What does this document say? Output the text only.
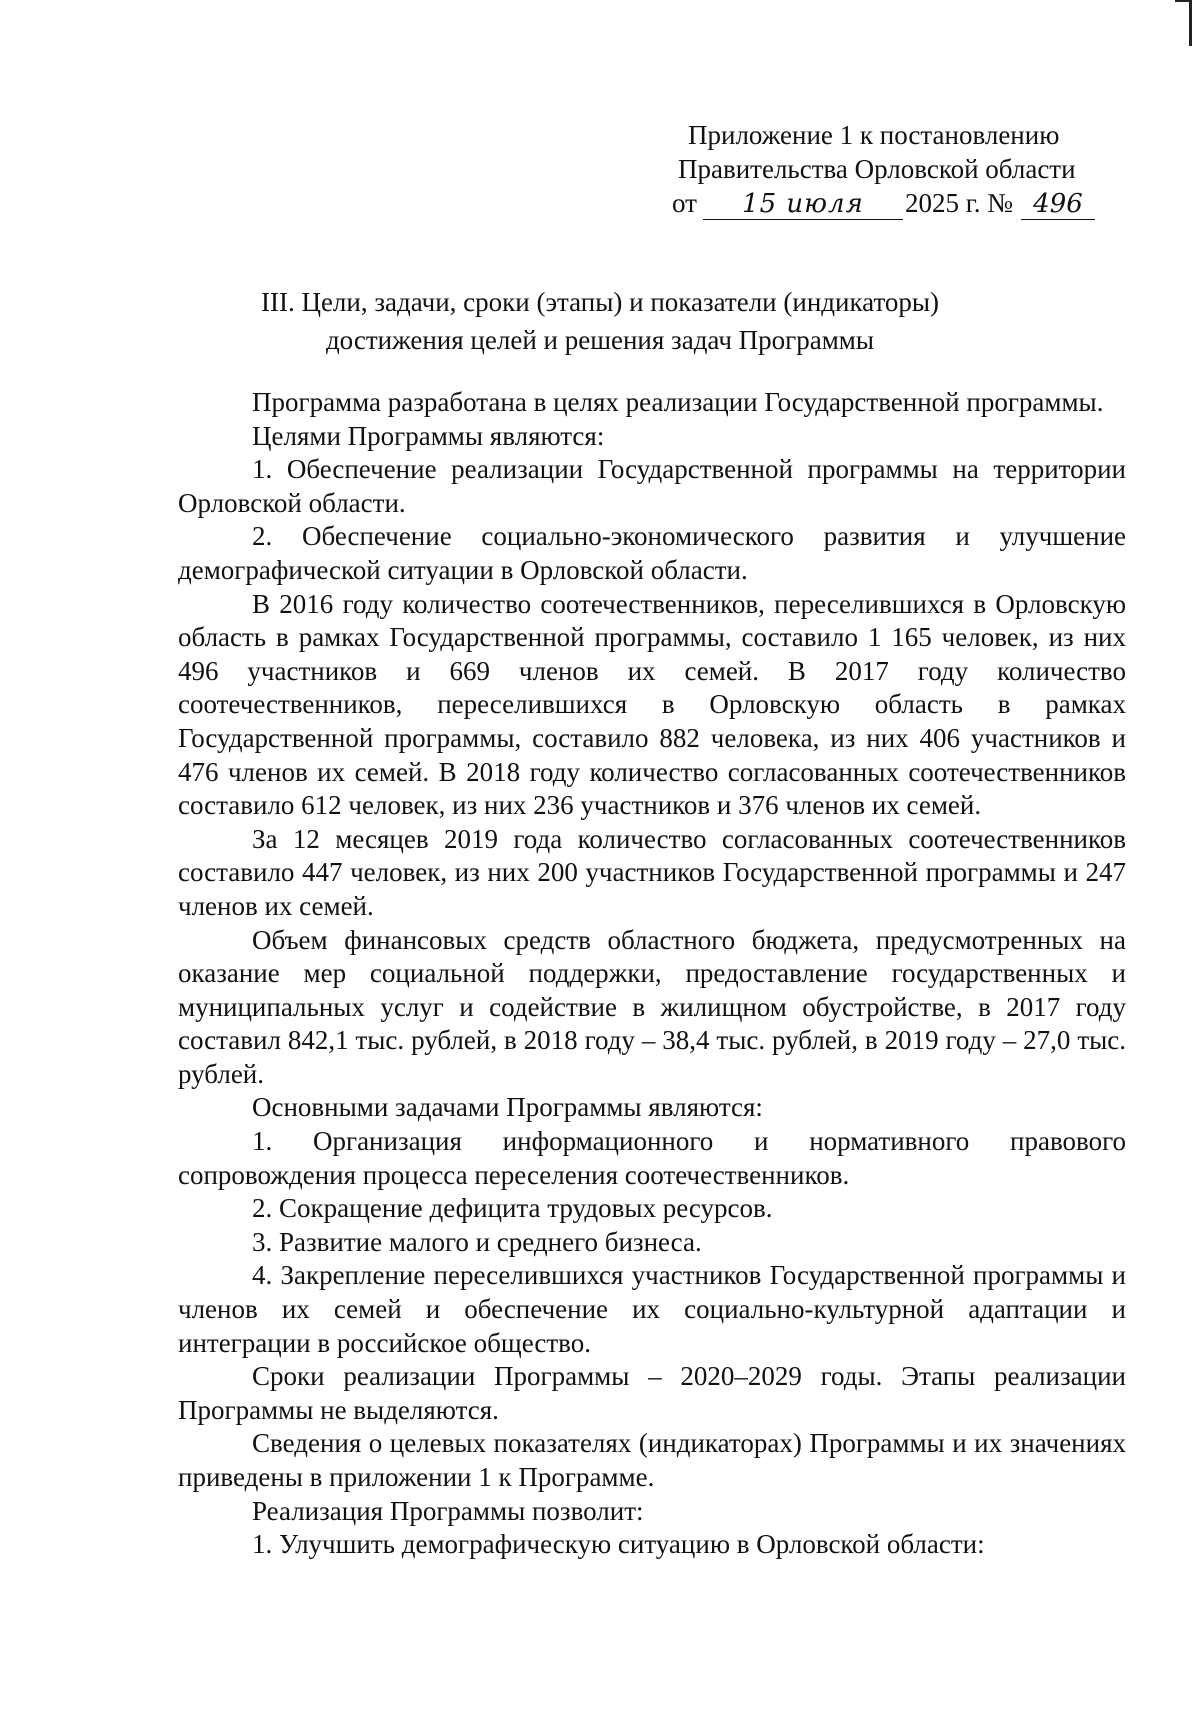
Приложение 1 к постановлению
Правительства Орловской области
от 15 июля 2025 г. № 496
III. Цели, задачи, сроки (этапы) и показатели (индикаторы)
достижения целей и решения задач Программы

Программа разработана в целях реализации Государственной программы.

Целями Программы являются:

1. Обеспечение реализации Государственной программы на территории Орловской области.

2. Обеспечение социально-экономического развития и улучшение демографической ситуации в Орловской области.

В 2016 году количество соотечественников, переселившихся в Орловскую область в рамках Государственной программы, составило 1 165 человек, из них 496 участников и 669 членов их семей. В 2017 году количество соотечественников, переселившихся в Орловскую область в рамках Государственной программы, составило 882 человека, из них 406 участников и 476 членов их семей. В 2018 году количество согласованных соотечественников составило 612 человек, из них 236 участников и 376 членов их семей.

За 12 месяцев 2019 года количество согласованных соотечественников составило 447 человек, из них 200 участников Государственной программы и 247 членов их семей.

Объем финансовых средств областного бюджета, предусмотренных на оказание мер социальной поддержки, предоставление государственных и муниципальных услуг и содействие в жилищном обустройстве, в 2017 году составил 842,1 тыс. рублей, в 2018 году – 38,4 тыс. рублей, в 2019 году – 27,0 тыс. рублей.

Основными задачами Программы являются:

1. Организация информационного и нормативного правового сопровождения процесса переселения соотечественников.

2. Сокращение дефицита трудовых ресурсов.

3. Развитие малого и среднего бизнеса.

4. Закрепление переселившихся участников Государственной программы и членов их семей и обеспечение их социально-культурной адаптации и интеграции в российское общество.

Сроки реализации Программы – 2020–2029 годы. Этапы реализации Программы не выделяются.

Сведения о целевых показателях (индикаторах) Программы и их значениях приведены в приложении 1 к Программе.

Реализация Программы позволит:

1. Улучшить демографическую ситуацию в Орловской области:
